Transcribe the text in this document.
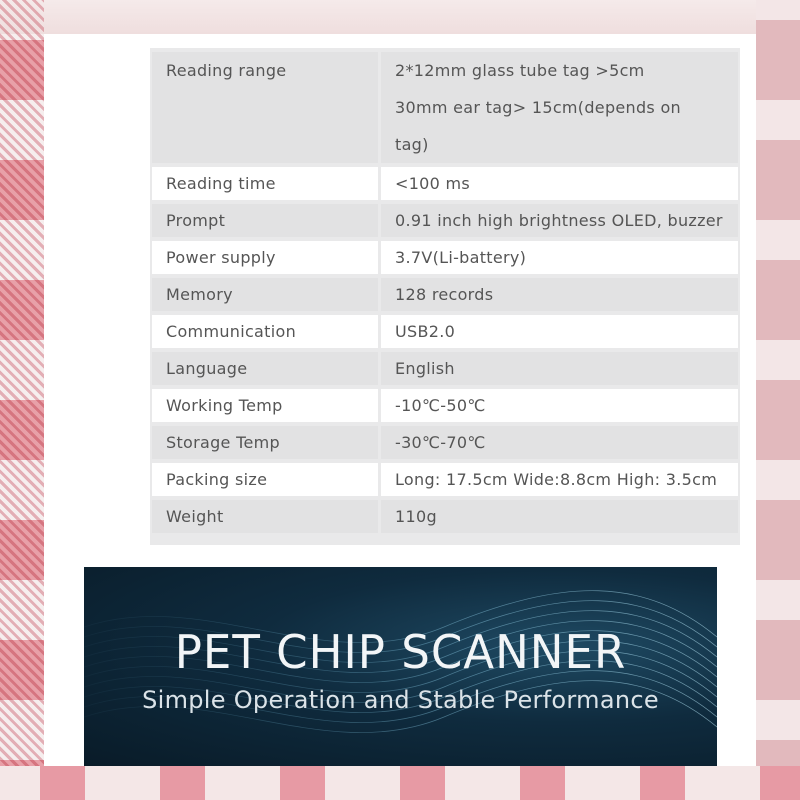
Reading range	2*12mm glass tube tag >5cm
30mm ear tag> 15cm(depends on
tag)

Reading time	<100 ms
Prompt	0.91 inch high brightness OLED, buzzer
Power supply	3.7V(Li-battery)
Memory	128 records
Communication	USB2.0
Language	English
Working Temp	-10℃-50℃
Storage Temp	-30℃-70℃
Packing size	Long: 17.5cm Wide:8.8cm High: 3.5cm
Weight	110g
PET CHIP SCANNER
Simple Operation and Stable Performance
